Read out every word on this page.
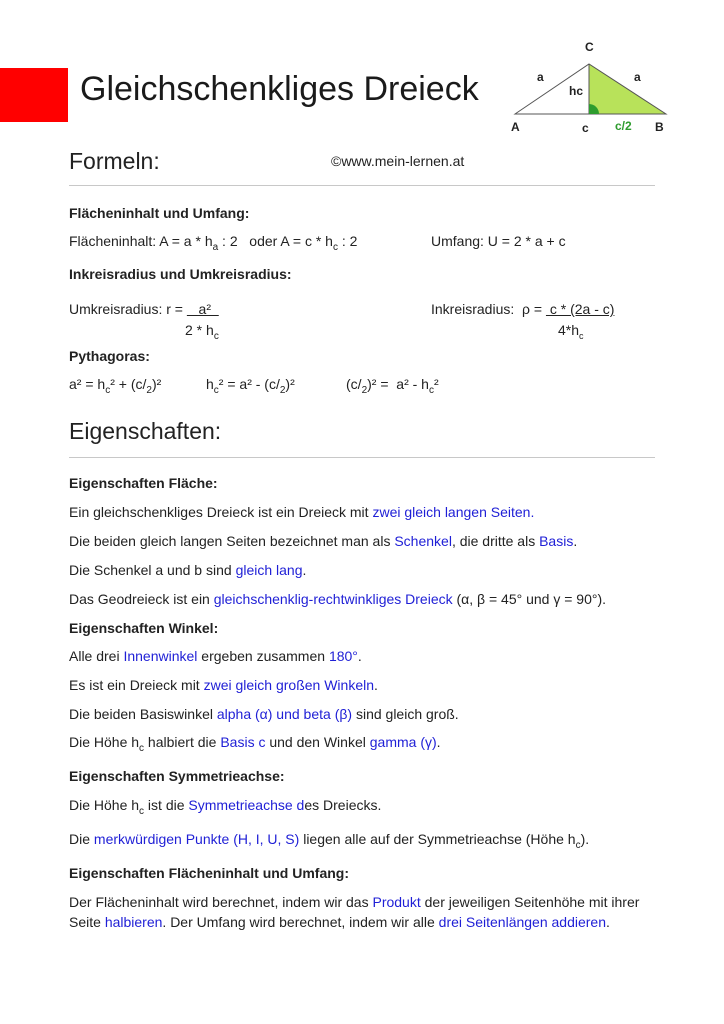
Gleichschenkliges Dreieck
C
a	a
hc
A	c c/2 B
Formeln:	©www.mein-lernen.at
Flächeninhalt und Umfang:
Flächeninhalt: $A = a * h_a$ : 2   oder $A = c * h_c$ : 2	Umfang: U = 2 * a + c
Inkreisradius und Umkreisradius:
Umkreisradius: r =    a²
$2 * h_c$
Inkreisradius:  ρ =  c * (2a - c)
$4*h_c$
Pythagoras:
$a^2 = h_c^2 + (c/_2)^2$	$h_c^2 = a^2 - (c/_2)^2$	$(c/_2)^2 = a^2 - h_c^2$
Eigenschaften:
Eigenschaften Fläche:
Ein gleichschenkliges Dreieck ist ein Dreieck mit zwei gleich langen Seiten.
Die beiden gleich langen Seiten bezeichnet man als Schenkel, die dritte als Basis.
Die Schenkel a und b sind gleich lang.
Das Geodreieck ist ein gleichschenklig-rechtwinkliges Dreieck (α, β = 45° und γ = 90°).
Eigenschaften Winkel:
Alle drei Innenwinkel ergeben zusammen 180°.
Es ist ein Dreieck mit zwei gleich großen Winkeln.
Die beiden Basiswinkel alpha (α) und beta (β) sind gleich groß.
Die Höhe $h_c$ halbiert die Basis c und den Winkel gamma (γ).
Eigenschaften Symmetrieachse:
Die Höhe $h_c$ ist die Symmetrieachse des Dreiecks.
Die merkwürdigen Punkte (H, I, U, S) liegen alle auf der Symmetrieachse (Höhe $h_c$).
Eigenschaften Flächeninhalt und Umfang:
Der Flächeninhalt wird berechnet, indem wir das Produkt der jeweiligen Seitenhöhe mit ihrer Seite halbieren. Der Umfang wird berechnet, indem wir alle drei Seitenlängen addieren.
